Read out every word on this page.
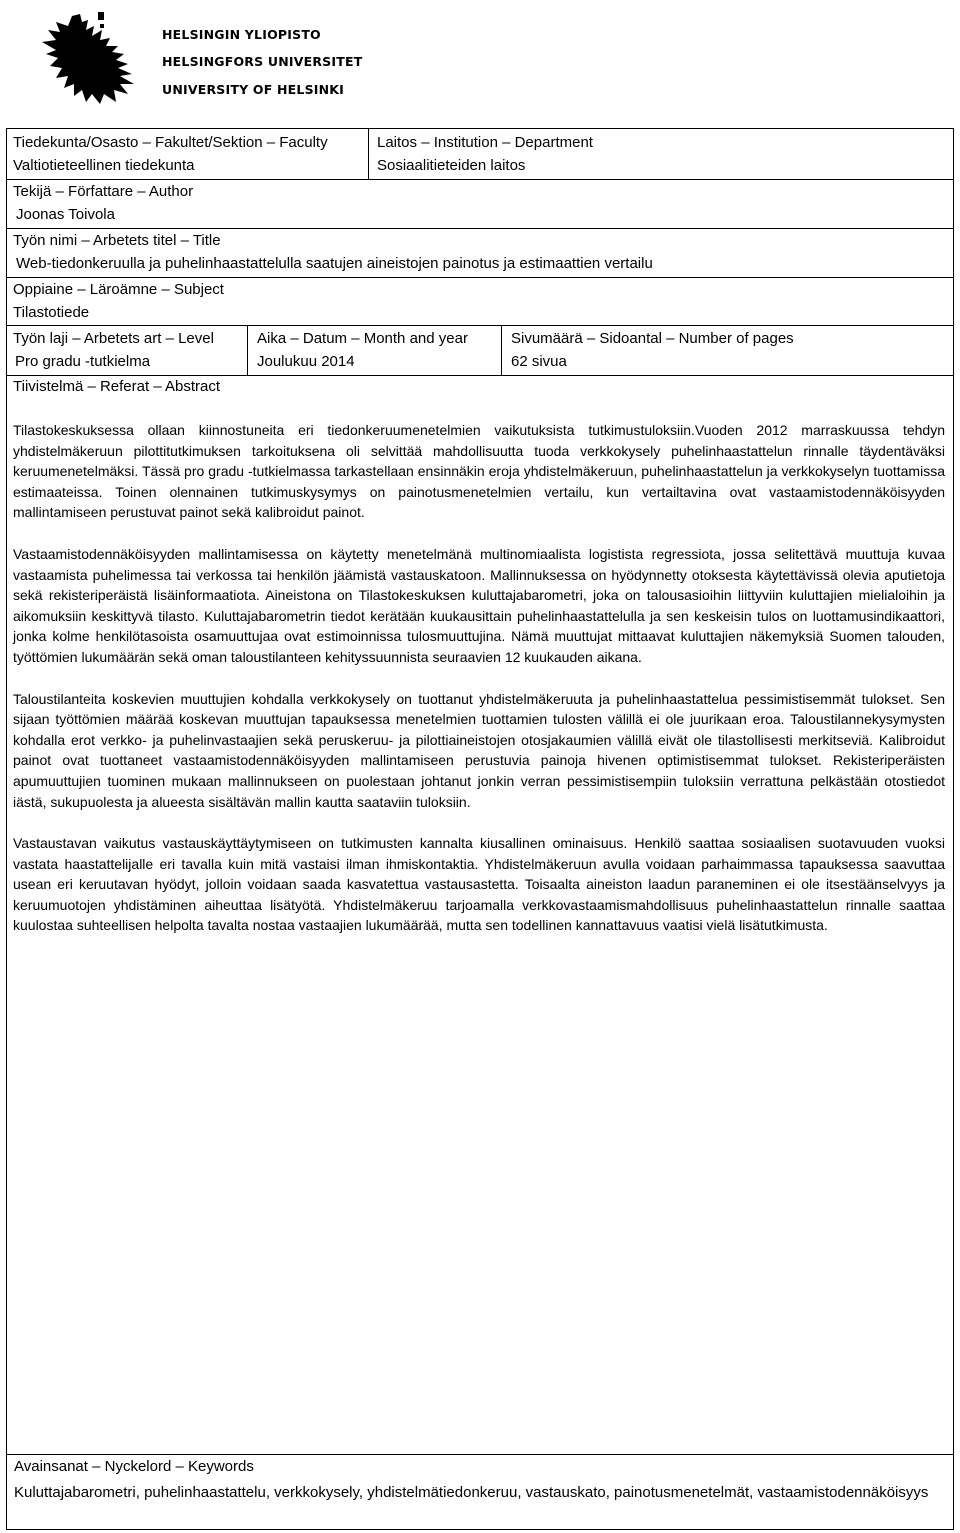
HELSINGIN YLIOPISTO
HELSINGFORS UNIVERSITET
UNIVERSITY OF HELSINKI
Tiedekunta/Osasto – Fakultet/Sektion – Faculty
Valtiotieteellinen tiedekunta
Laitos – Institution – Department
Sosiaalitieteiden laitos
Tekijä – Författare – Author
Joonas Toivola
Työn nimi – Arbetets titel – Title
Web-tiedonkeruulla ja puhelinhaastattelulla saatujen aineistojen painotus ja estimaattien vertailu
Oppiaine – Läroämne – Subject
Tilastotiede
Työn laji – Arbetets art – Level
Pro gradu -tutkielma
Aika – Datum – Month and year
Joulukuu 2014
Sivumäärä – Sidoantal – Number of pages
62 sivua
Tiivistelmä – Referat – Abstract
Avainsanat – Nyckelord – Keywords
Kuluttajabarometri, puhelinhaastattelu, verkkokysely, yhdistelmätiedonkeruu, vastauskato, painotusmenetelmät, vastaamistodennäköisyys

Tilastokeskuksessa ollaan kiinnostuneita eri tiedonkeruumenetelmien vaikutuksista tutkimustuloksiin.Vuoden 2012 marraskuussa tehdyn yhdistelmäkeruun pilottitutkimuksen tarkoituksena oli selvittää mahdollisuutta tuoda verkkokysely puhelinhaastattelun rinnalle täydentäväksi keruumenetelmäksi. Tässä pro gradu -tutkielmassa tarkastellaan ensinnäkin eroja yhdistelmäkeruun, puhelinhaastattelun ja verkkokyselyn tuottamissa estimaateissa. Toinen olennainen tutkimuskysymys on painotusmenetelmien vertailu, kun vertailtavina ovat vastaamistodennäköisyyden mallintamiseen perustuvat painot sekä kalibroidut painot.

Vastaamistodennäköisyyden mallintamisessa on käytetty menetelmänä multinomiaalista logistista regressiota, jossa selitettävä muuttuja kuvaa vastaamista puhelimessa tai verkossa tai henkilön jäämistä vastauskatoon. Mallinnuksessa on hyödynnetty otoksesta käytettävissä olevia aputietoja sekä rekisteriperäistä lisäinformaatiota. Aineistona on Tilastokeskuksen kuluttajabarometri, joka on talousasioihin liittyviin kuluttajien mielialoihin ja aikomuksiin keskittyvä tilasto. Kuluttajabarometrin tiedot kerätään kuukausittain puhelinhaastattelulla ja sen keskeisin tulos on luottamusindikaattori, jonka kolme henkilötasoista osamuuttujaa ovat estimoinnissa tulosmuuttujina. Nämä muuttujat mittaavat kuluttajien näkemyksiä Suomen talouden, työttömien lukumäärän sekä oman taloustilanteen kehityssuunnista seuraavien 12 kuukauden aikana.

Taloustilanteita koskevien muuttujien kohdalla verkkokysely on tuottanut yhdistelmäkeruuta ja puhelinhaastattelua pessimistisemmät tulokset. Sen sijaan työttömien määrää koskevan muuttujan tapauksessa menetelmien tuottamien tulosten välillä ei ole juurikaan eroa. Taloustilannekysymysten kohdalla erot verkko- ja puhelinvastaajien sekä peruskeruu- ja pilottiaineistojen otosjakaumien välillä eivät ole tilastollisesti merkitseviä. Kalibroidut painot ovat tuottaneet vastaamistodennäköisyyden mallintamiseen perustuvia painoja hivenen optimistisemmat tulokset. Rekisteriperäisten apumuuttujien tuominen mukaan mallinnukseen on puolestaan johtanut jonkin verran pessimistisempiin tuloksiin verrattuna pelkästään otostiedot iästä, sukupuolesta ja alueesta sisältävän mallin kautta saataviin tuloksiin.

Vastaustavan vaikutus vastauskäyttäytymiseen on tutkimusten kannalta kiusallinen ominaisuus. Henkilö saattaa sosiaalisen suotavuuden vuoksi vastata haastattelijalle eri tavalla kuin mitä vastaisi ilman ihmiskontaktia. Yhdistelmäkeruun avulla voidaan parhaimmassa tapauksessa saavuttaa usean eri keruutavan hyödyt, jolloin voidaan saada kasvatettua vastausastetta. Toisaalta aineiston laadun paraneminen ei ole itsestäänselvyys ja keruumuotojen yhdistäminen aiheuttaa lisätyötä. Yhdistelmäkeruu tarjoamalla verkkovastaamismahdollisuus puhelinhaastattelun rinnalle saattaa kuulostaa suhteellisen helpolta tavalta nostaa vastaajien lukumäärää, mutta sen todellinen kannattavuus vaatisi vielä lisätutkimusta.
